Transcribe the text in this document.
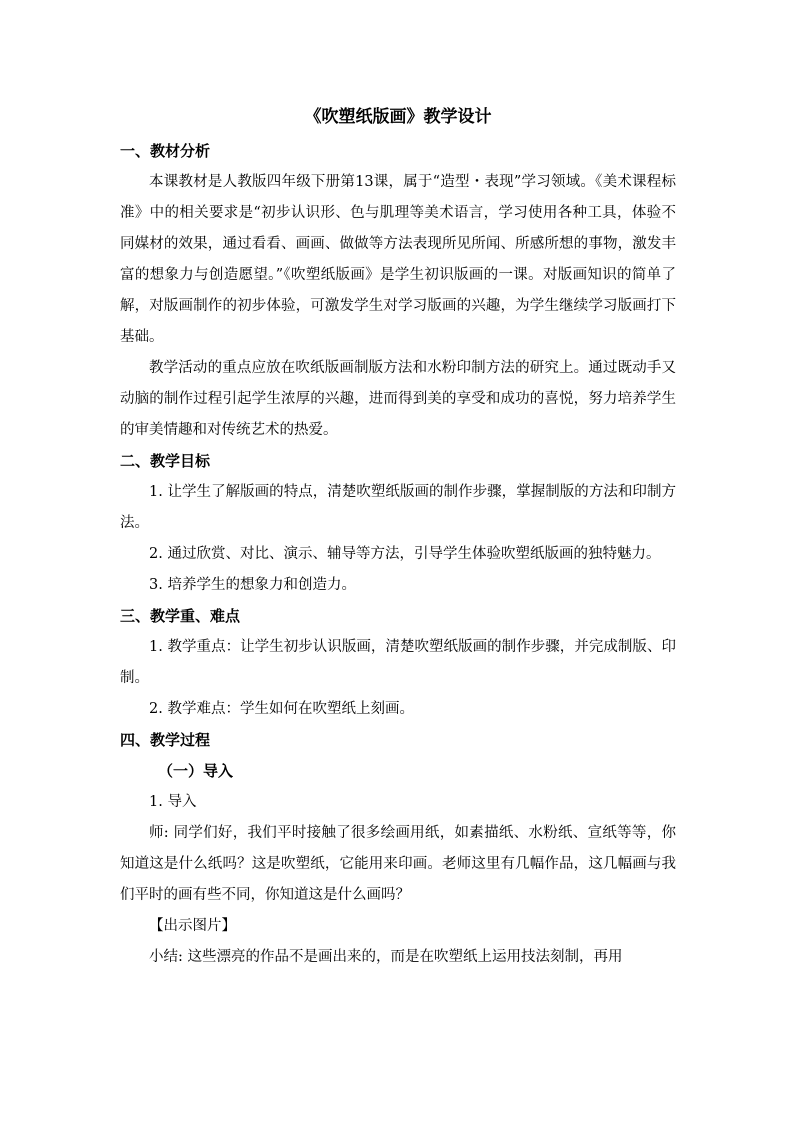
《吹塑纸版画》教学设计
一、教材分析

本课教材是人教版四年级下册第13课，属于“造型・表现”学习领域。《美术课程标准》中的相关要求是“初步认识形、色与肌理等美术语言，学习使用各种工具，体验不同媒材的效果，通过看看、画画、做做等方法表现所见所闻、所感所想的事物，激发丰富的想象力与创造愿望。”《吹塑纸版画》是学生初识版画的一课。对版画知识的简单了解，对版画制作的初步体验，可激发学生对学习版画的兴趣，为学生继续学习版画打下基础。

教学活动的重点应放在吹纸版画制版方法和水粉印制方法的研究上。通过既动手又动脑的制作过程引起学生浓厚的兴趣，进而得到美的享受和成功的喜悦，努力培养学生的审美情趣和对传统艺术的热爱。

二、教学目标

1. 让学生了解版画的特点，清楚吹塑纸版画的制作步骤，掌握制版的方法和印制方法。

2. 通过欣赏、对比、演示、辅导等方法，引导学生体验吹塑纸版画的独特魅力。

3. 培养学生的想象力和创造力。

三、教学重、难点

1. 教学重点：让学生初步认识版画，清楚吹塑纸版画的制作步骤，并完成制版、印制。

2. 教学难点：学生如何在吹塑纸上刻画。

四、教学过程
（一）导入

1. 导入

师: 同学们好，我们平时接触了很多绘画用纸，如素描纸、水粉纸、宣纸等等，你知道这是什么纸吗？这是吹塑纸，它能用来印画。老师这里有几幅作品，这几幅画与我们平时的画有些不同，你知道这是什么画吗？

【出示图片】

小结: 这些漂亮的作品不是画出来的，而是在吹塑纸上运用技法刻制，再用
